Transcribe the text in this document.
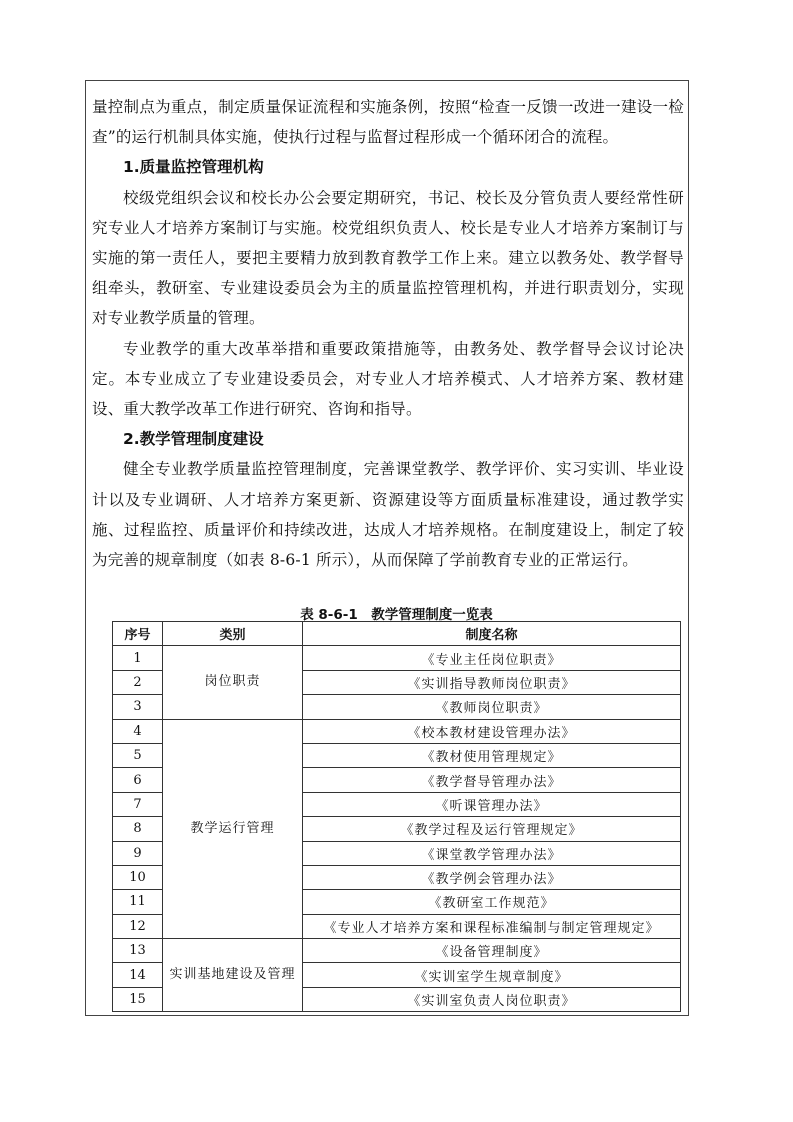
量控制点为重点，制定质量保证流程和实施条例，按照“检查一反馈一改进一建设一检查”的运行机制具体实施，使执行过程与监督过程形成一个循环闭合的流程。

1.质量监控管理机构

校级党组织会议和校长办公会要定期研究，书记、校长及分管负责人要经常性研究专业人才培养方案制订与实施。校党组织负责人、校长是专业人才培养方案制订与实施的第一责任人，要把主要精力放到教育教学工作上来。建立以教务处、教学督导组牵头，教研室、专业建设委员会为主的质量监控管理机构，并进行职责划分，实现对专业教学质量的管理。

专业教学的重大改革举措和重要政策措施等，由教务处、教学督导会议讨论决定。本专业成立了专业建设委员会，对专业人才培养模式、人才培养方案、教材建设、重大教学改革工作进行研究、咨询和指导。

2.教学管理制度建设

健全专业教学质量监控管理制度，完善课堂教学、教学评价、实习实训、毕业设计以及专业调研、人才培养方案更新、资源建设等方面质量标准建设，通过教学实施、过程监控、质量评价和持续改进，达成人才培养规格。在制度建设上，制定了较为完善的规章制度（如表 8-6-1 所示），从而保障了学前教育专业的正常运行。

表 8-6-1　教学管理制度一览表
序号	类别	制度名称
1	岗位职责	《专业主任岗位职责》
2		《实训指导教师岗位职责》
3		《教师岗位职责》
4	教学运行管理	《校本教材建设管理办法》
5		《教材使用管理规定》
6		《教学督导管理办法》
7		《听课管理办法》
8		《教学过程及运行管理规定》
9		《课堂教学管理办法》
10		《教学例会管理办法》
11		《教研室工作规范》
12		《专业人才培养方案和课程标准编制与制定管理规定》
13	实训基地建设及管理	《设备管理制度》
14		《实训室学生规章制度》
15		《实训室负责人岗位职责》
